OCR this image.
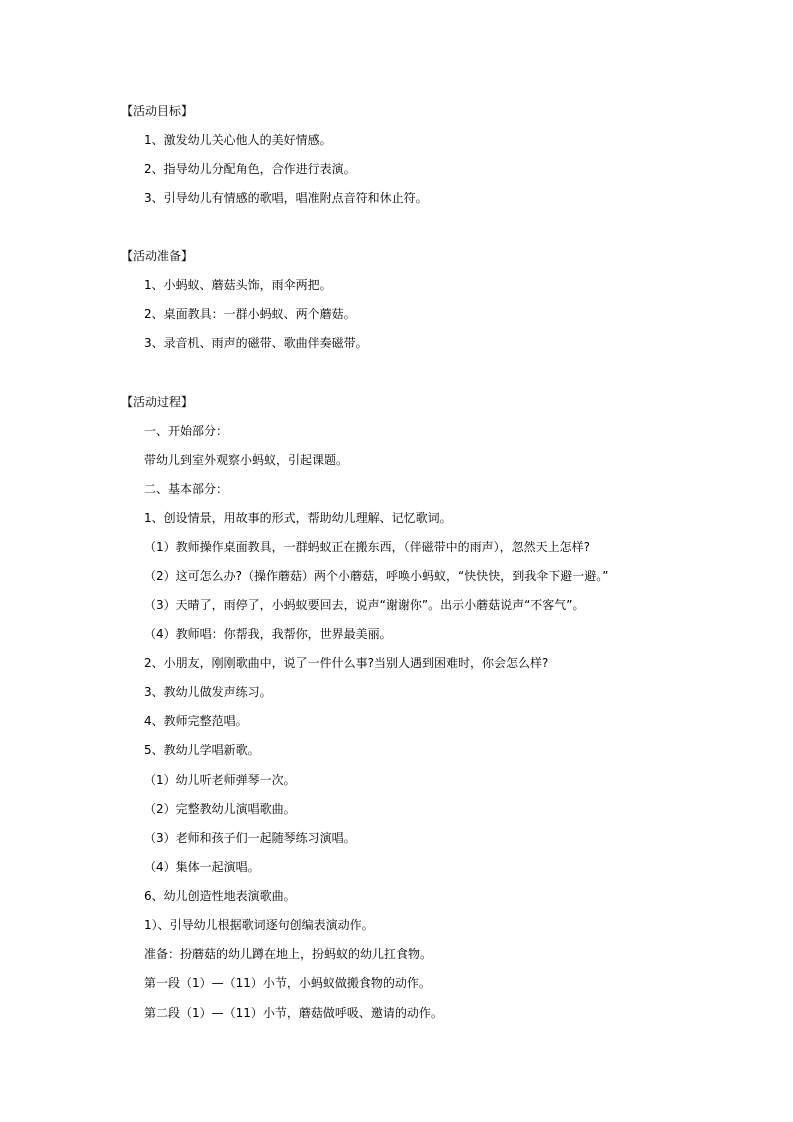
【活动目标】
1、激发幼儿关心他人的美好情感。
2、指导幼儿分配角色，合作进行表演。
3、引导幼儿有情感的歌唱，唱准附点音符和休止符。
【活动准备】
1、小蚂蚁、蘑菇头饰，雨伞两把。
2、桌面教具：一群小蚂蚁、两个蘑菇。
3、录音机、雨声的磁带、歌曲伴奏磁带。
【活动过程】
一、开始部分：
带幼儿到室外观察小蚂蚁，引起课题。
二、基本部分：
1、创设情景，用故事的形式，帮助幼儿理解、记忆歌词。
（1）教师操作桌面教具，一群蚂蚁正在搬东西，（伴磁带中的雨声），忽然天上怎样?
（2）这可怎么办?（操作蘑菇）两个小蘑菇，呼唤小蚂蚁，“快快快，到我伞下避一避。”
（3）天晴了，雨停了，小蚂蚁要回去，说声“谢谢你”。出示小蘑菇说声“不客气”。
（4）教师唱：你帮我，我帮你，世界最美丽。
2、小朋友，刚刚歌曲中，说了一件什么事?当别人遇到困难时，你会怎么样?
3、教幼儿做发声练习。
4、教师完整范唱。
5、教幼儿学唱新歌。
（1）幼儿听老师弹琴一次。
（2）完整教幼儿演唱歌曲。
（3）老师和孩子们一起随琴练习演唱。
（4）集体一起演唱。
6、幼儿创造性地表演歌曲。
1）、引导幼儿根据歌词逐句创编表演动作。
准备：扮蘑菇的幼儿蹲在地上，扮蚂蚁的幼儿扛食物。
第一段（1）—（11）小节，小蚂蚁做搬食物的动作。
第二段（1）—（11）小节，蘑菇做呼吸、邀请的动作。
